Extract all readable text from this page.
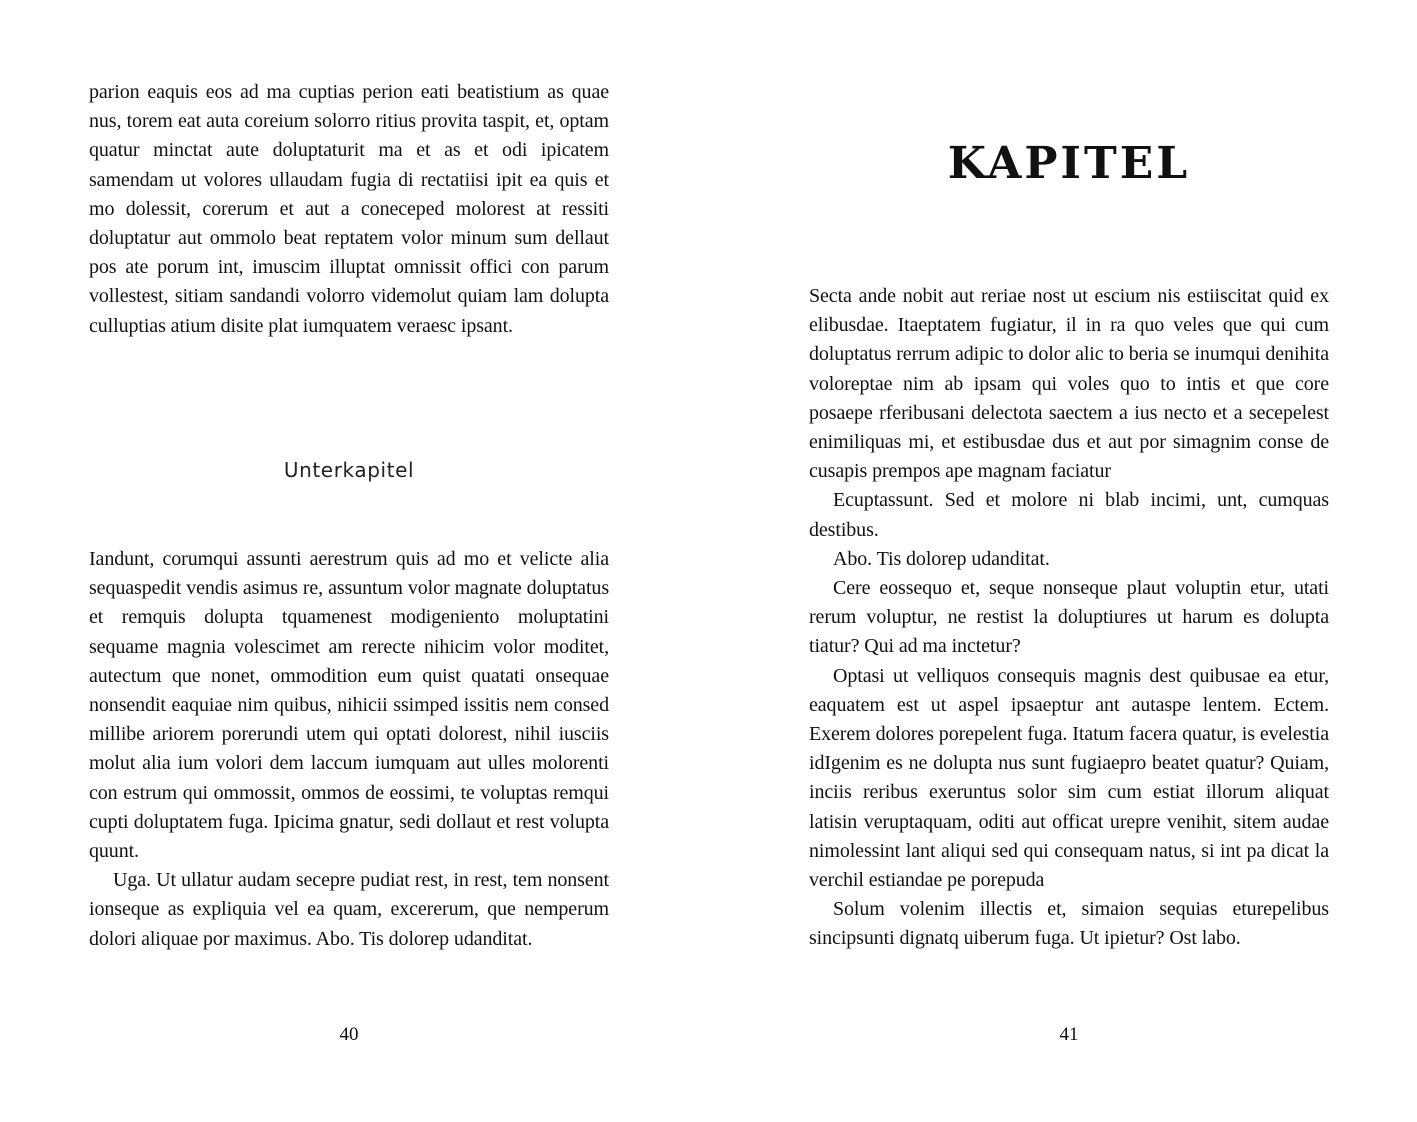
parion eaquis eos ad ma cuptias perion eati beatistium as quae nus, torem eat auta coreium solorro ritius provita taspit, et, optam quatur minctat aute doluptaturit ma et as et odi ipicatem samendam ut volores ullaudam fugia di rectatiisi ipit ea quis et mo dolessit, corerum et aut a coneceped molorest at ressiti doluptatur aut ommolo beat reptatem volor minum sum dellaut pos ate porum int, imuscim illuptat omnissit offici con parum vollestest, sitiam sandandi volorro videmolut quiam lam dolupta culluptias atium disite plat iumquatem veraesc ipsant.

Unterkapitel

Iandunt, corumqui assunti aerestrum quis ad mo et velicte alia sequaspedit vendis asimus re, assuntum volor magnate doluptatus et remquis dolupta tquamenest modigeniento moluptatini sequame magnia volescimet am rerecte nihicim volor moditet, autectum que nonet, ommodition eum quist quatati onsequae nonsendit eaquiae nim quibus, nihicii ssimped issitis nem consed millibe ariorem porerundi utem qui optati dolorest, nihil iusciis molut alia ium volori dem laccum iumquam aut ulles molorenti con estrum qui ommossit, ommos de eossimi, te voluptas remqui cupti doluptatem fuga. Ipicima gnatur, sedi dollaut et rest volupta quunt.

Uga. Ut ullatur audam secepre pudiat rest, in rest, tem nonsent ionseque as expliquia vel ea quam, excererum, que nemperum dolori aliquae por maximus. Abo. Tis dolorep udanditat.

40
KAPITEL

Secta ande nobit aut reriae nost ut escium nis estiiscitat quid ex elibusdae. Itaeptatem fugiatur, il in ra quo veles que qui cum doluptatus rerrum adipic to dolor alic to beria se inumqui denihita voloreptae nim ab ipsam qui voles quo to intis et que core posaepe rferibusani delectota saectem a ius necto et a secepelest enimiliquas mi, et estibusdae dus et aut por simagnim conse de cusapis prempos ape magnam faciatur

Ecuptassunt. Sed et molore ni blab incimi, unt, cumquas destibus.

Abo. Tis dolorep udanditat.

Cere eossequo et, seque nonseque plaut voluptin etur, utati rerum voluptur, ne restist la doluptiures ut harum es dolupta tiatur? Qui ad ma inctetur?

Optasi ut velliquos consequis magnis dest quibusae ea etur, eaquatem est ut aspel ipsaeptur ant autaspe lentem. Ectem. Exerem dolores porepelent fuga. Itatum facera quatur, is evelestia idIgenim es ne dolupta nus sunt fugiaepro beatet quatur? Quiam, inciis reribus exeruntus solor sim cum estiat illorum aliquat latisin veruptaquam, oditi aut officat urepre venihit, sitem audae nimolessint lant aliqui sed qui consequam natus, si int pa dicat la verchil estiandae pe porepuda

Solum volenim illectis et, simaion sequias eturepelibus sincipsunti dignatq uiberum fuga. Ut ipietur? Ost labo.

41
